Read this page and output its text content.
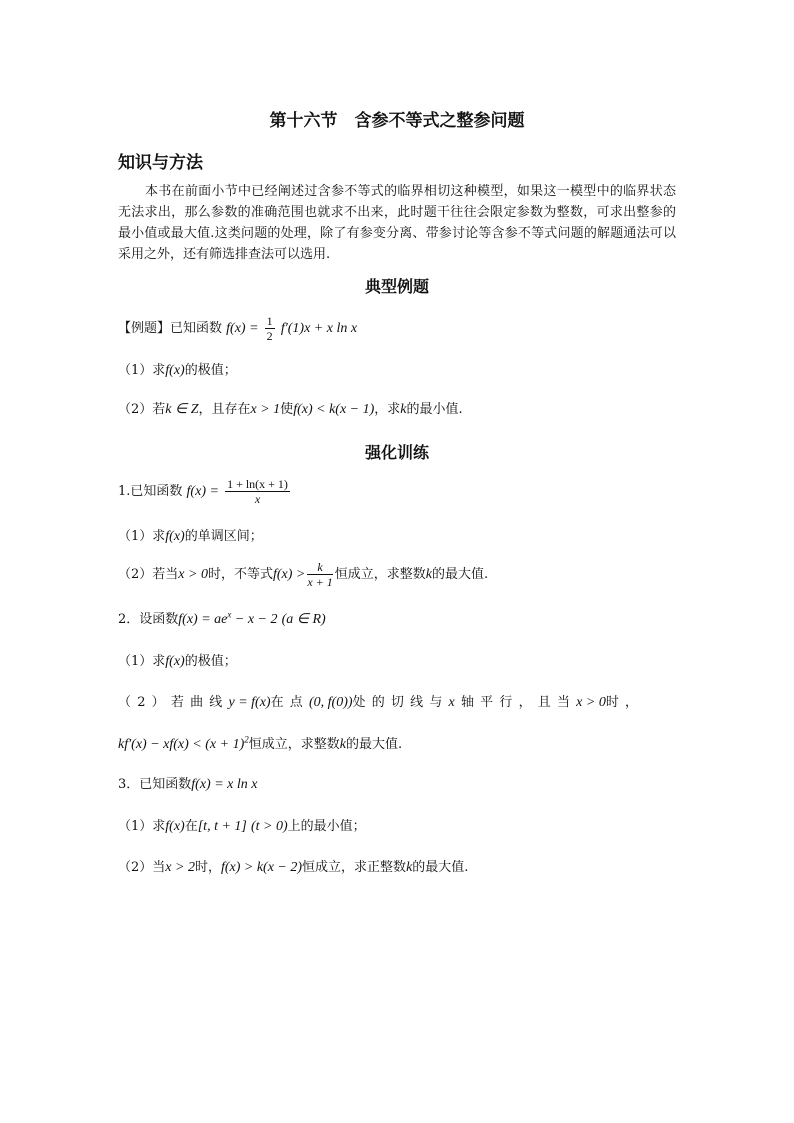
第十六节　含参不等式之整参问题
知识与方法
本书在前面小节中已经阐述过含参不等式的临界相切这种模型，如果这一模型中的临界状态无法求出，那么参数的准确范围也就求不出来，此时题干往往会限定参数为整数，可求出整参的最小值或最大值.这类问题的处理，除了有参变分离、带参讨论等含参不等式问题的解题通法可以采用之外，还有筛选排查法可以选用.
典型例题
【例题】已知函数 $f(x) = \frac{1}{2} f'(1)x + x$ ln x
（1）求f(x)的极值；
（2）若k ∈ Z，且存在x > 1使f(x) < k(x − 1)，求k的最小值.
强化训练
1.已知函数 $f(x) = \frac{1 + \ln(x + 1)}{x}$
（1）求f(x)的单调区间；
（2）若当x > 0时，不等式$f(x) > \frac{k}{x + 1}$ 恒成立，求整数k的最大值.
2．设函数$f(x) = ae^x - x - 2$ (a ∈ R)
（1）求f(x)的极值；
（2）若曲线y = f(x)在点(0, f(0))处的切线与x轴平行，且当x > 0时，
$kf'(x) - xf(x) < (x + 1)^2$恒成立，求整数k的最大值.
3．已知函数f(x) = x ln x
（1）求f(x)在[t, t + 1] (t > 0)上的最小值；
（2）当x > 2时，f(x) > k(x − 2)恒成立，求正整数k的最大值.
